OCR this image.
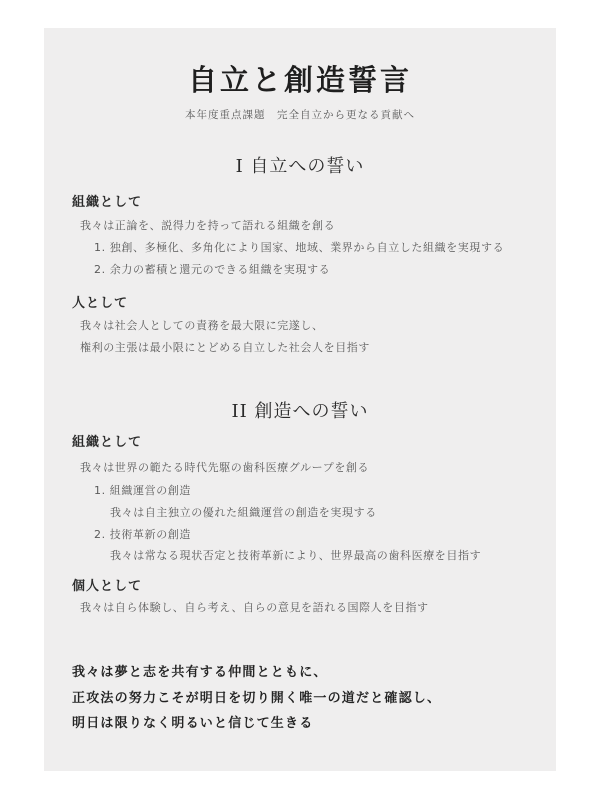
自立と創造誓言
本年度重点課題　完全自立から更なる貢献へ
I 自立への誓い
組織として
我々は正論を、説得力を持って語れる組織を創る
1. 独創、多極化、多角化により国家、地域、業界から自立した組織を実現する
2. 余力の蓄積と還元のできる組織を実現する
人として
我々は社会人としての責務を最大限に完遂し、
権利の主張は最小限にとどめる自立した社会人を目指す
II 創造への誓い
組織として
我々は世界の範たる時代先駆の歯科医療グループを創る
1. 組織運営の創造
我々は自主独立の優れた組織運営の創造を実現する
2. 技術革新の創造
我々は常なる現状否定と技術革新により、世界最高の歯科医療を目指す
個人として
我々は自ら体験し、自ら考え、自らの意見を語れる国際人を目指す
我々は夢と志を共有する仲間とともに、
正攻法の努力こそが明日を切り開く唯一の道だと確認し、
明日は限りなく明るいと信じて生きる
